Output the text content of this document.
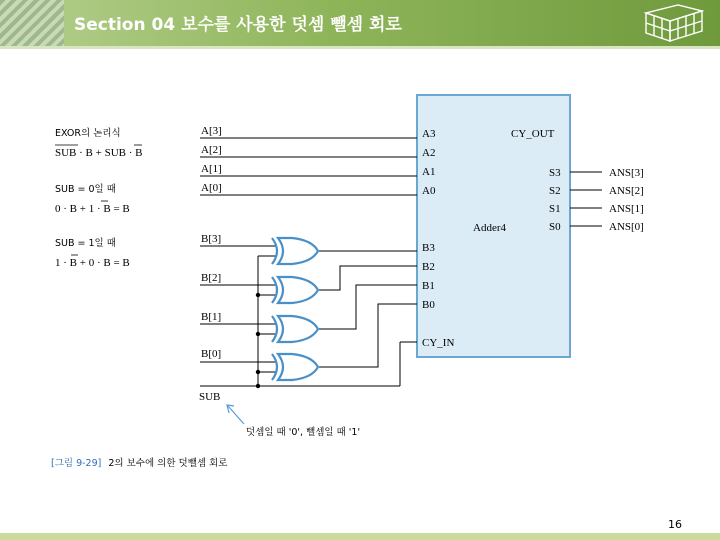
Section 04 보수를 사용한 덧셈 뺄셈 회로
EXOR의 논리식
SUB · B + SUB · B
SUB = 0일 때
0 · B + 1 · B = B
SUB = 1일 때
1 · B + 0 · B = B
Adder4
A[3]
A[2]
A[1]
A[0]
A3
A2
A1
A0
CY_OUT
S3
S2
S1
S0
ANS[3]
ANS[2]
ANS[1]
ANS[0]
B3
B2
B1
B0
CY_IN
B[3]
B[2]
B[1]
B[0]
SUB
덧셈일 때 '0', 뺄셈일 때 '1'
[그림 9-29] 2의 보수에 의한 덧뺄셈 회로
16
